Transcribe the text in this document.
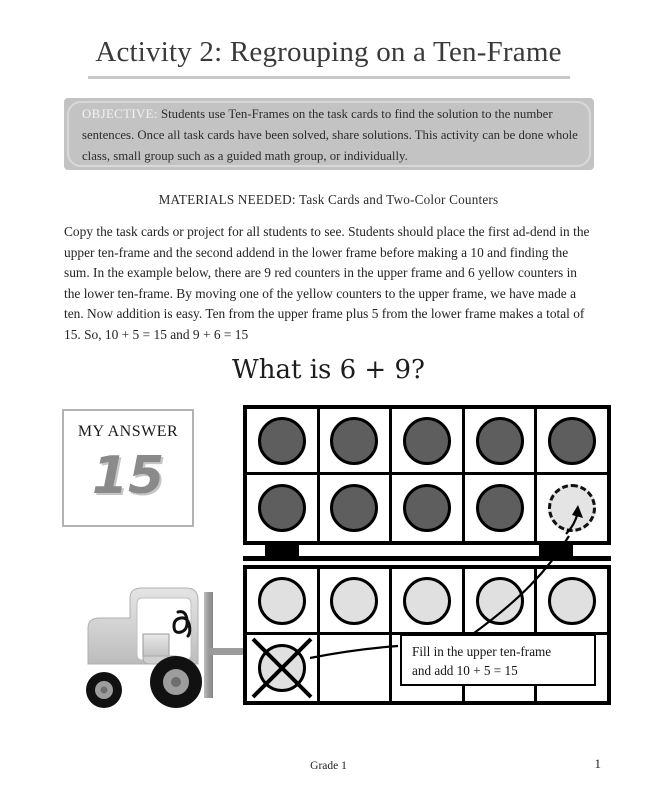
Activity 2: Regrouping on a Ten-Frame
OBJECTIVE: Students use Ten-Frames on the task cards to find the solution to the number sentences. Once all task cards have been solved, share solutions. This activity can be done whole class, small group such as a guided math group, or individually.
MATERIALS NEEDED: Task Cards and Two-Color Counters
Copy the task cards or project for all students to see. Students should place the first ad-dend in the upper ten-frame and the second addend in the lower frame before making a 10 and finding the sum. In the example below, there are 9 red counters in the upper frame and 6 yellow counters in the lower ten-frame. By moving one of the yellow counters to the upper frame, we have made a ten. Now addition is easy. Ten from the upper frame plus 5 from the lower frame makes a total of 15. So, 10 + 5 = 15 and 9 + 6 = 15
What is 6 + 9?
MY ANSWER
15
Fill in the upper ten-frame
and add 10 + 5 = 15
Grade 1	1
